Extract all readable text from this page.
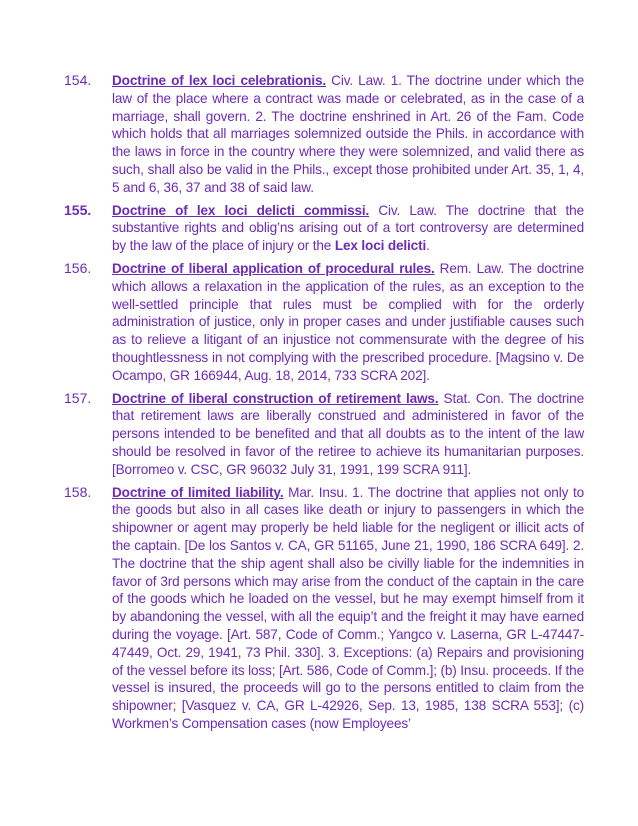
154.	Doctrine of lex loci celebrationis. Civ. Law. 1. The doctrine under which the law of the place where a contract was made or celebrated, as in the case of a marriage, shall govern. 2. The doctrine enshrined in Art. 26 of the Fam. Code which holds that all marriages solemnized outside the Phils. in accordance with the laws in force in the country where they were solemnized, and valid there as such, shall also be valid in the Phils., except those prohibited under Art. 35, 1, 4, 5 and 6, 36, 37 and 38 of said law.
155.	Doctrine of lex loci delicti commissi. Civ. Law. The doctrine that the substantive rights and oblig’ns arising out of a tort controversy are determined by the law of the place of injury or the Lex loci delicti.
156.	Doctrine of liberal application of procedural rules. Rem. Law. The doctrine which allows a relaxation in the application of the rules, as an exception to the well-settled principle that rules must be complied with for the orderly administration of justice, only in proper cases and under justifiable causes such as to relieve a litigant of an injustice not commensurate with the degree of his thoughtlessness in not complying with the prescribed procedure. [Magsino v. De Ocampo, GR 166944, Aug. 18, 2014, 733 SCRA 202].
157.	Doctrine of liberal construction of retirement laws. Stat. Con. The doctrine that retirement laws are liberally construed and administered in favor of the persons intended to be benefited and that all doubts as to the intent of the law should be resolved in favor of the retiree to achieve its humanitarian purposes. [Borromeo v. CSC, GR 96032 July 31, 1991, 199 SCRA 911].
158.	Doctrine of limited liability. Mar. Insu. 1. The doctrine that applies not only to the goods but also in all cases like death or injury to passengers in which the shipowner or agent may properly be held liable for the negligent or illicit acts of the captain. [De los Santos v. CA, GR 51165, June 21, 1990, 186 SCRA 649]. 2. The doctrine that the ship agent shall also be civilly liable for the indemnities in favor of 3rd persons which may arise from the conduct of the captain in the care of the goods which he loaded on the vessel, but he may exempt himself from it by abandoning the vessel, with all the equip’t and the freight it may have earned during the voyage. [Art. 587, Code of Comm.; Yangco v. Laserna, GR L-47447-47449, Oct. 29, 1941, 73 Phil. 330]. 3. Exceptions: (a) Repairs and provisioning of the vessel before its loss; [Art. 586, Code of Comm.]; (b) Insu. proceeds. If the vessel is insured, the proceeds will go to the persons entitled to claim from the shipowner; [Vasquez v. CA, GR L-42926, Sep. 13, 1985, 138 SCRA 553]; (c) Workmen’s Compensation cases (now Employees’
